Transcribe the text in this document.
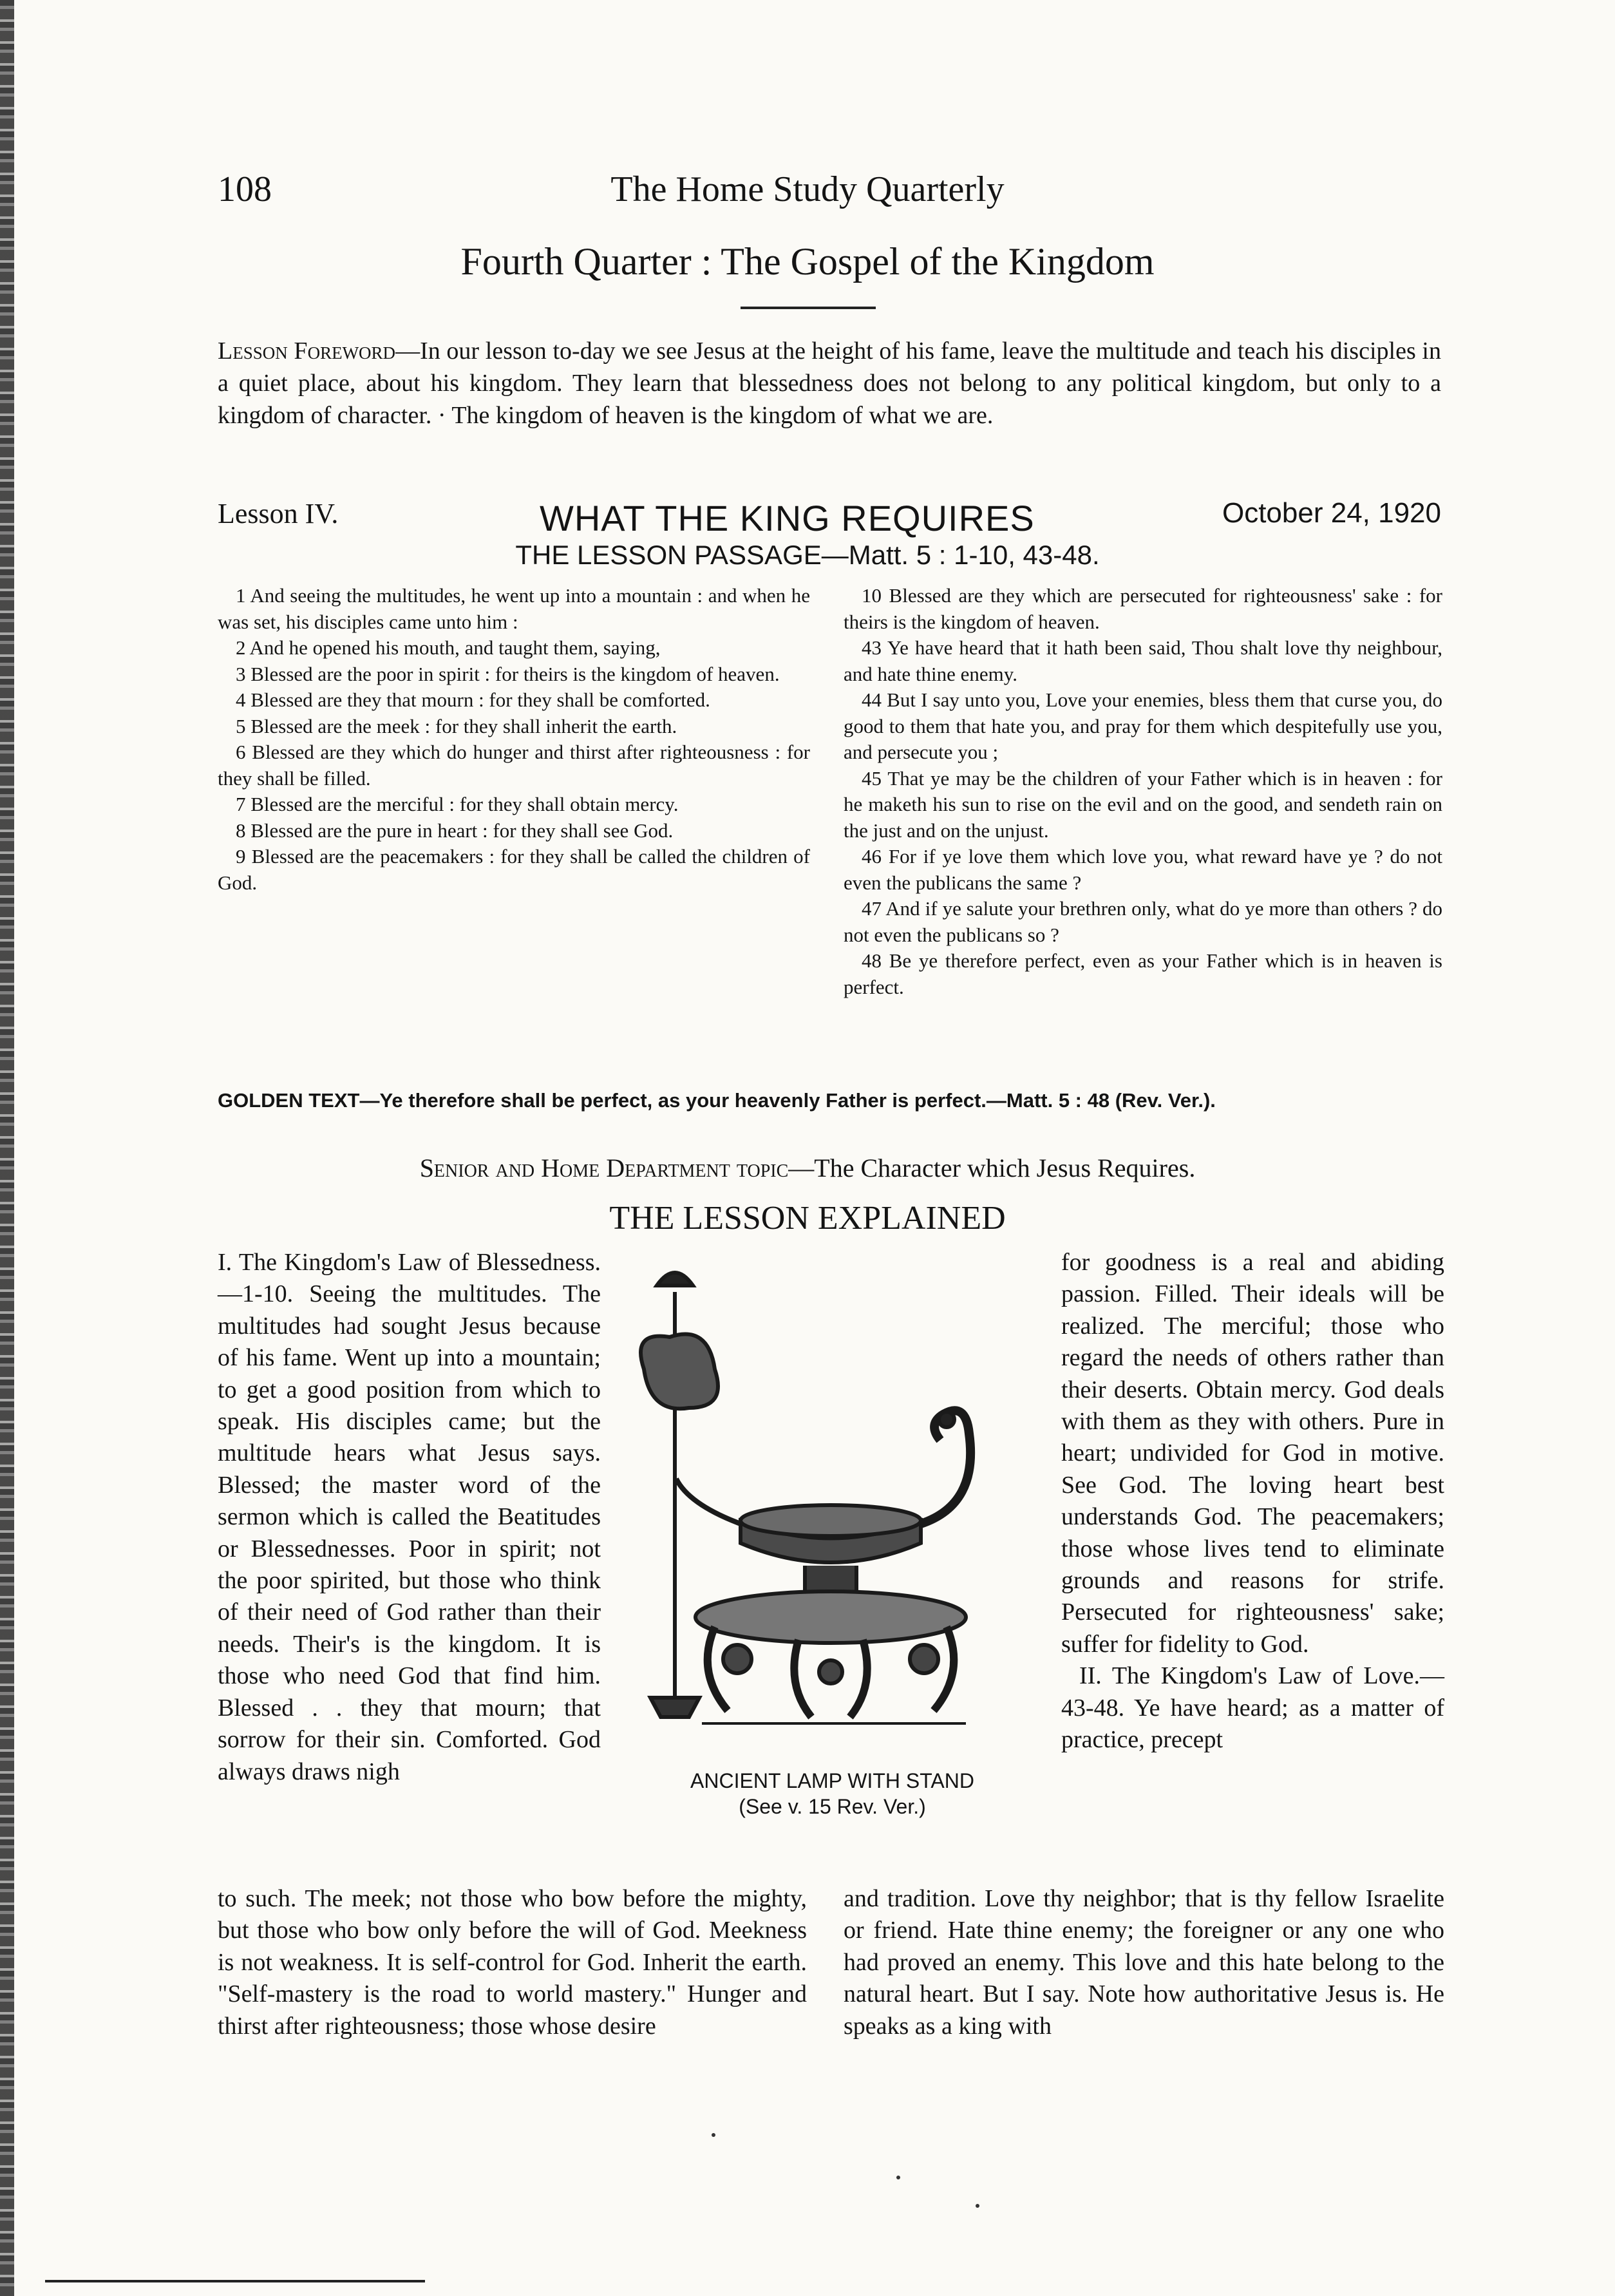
108	The Home Study Quarterly
Fourth Quarter : The Gospel of the Kingdom
Lesson Foreword—In our lesson to-day we see Jesus at the height of his fame, leave the multitude and teach his disciples in a quiet place, about his kingdom. They learn that blessedness does not belong to any political kingdom, but only to a kingdom of character. · The kingdom of heaven is the kingdom of what we are.
Lesson IV.	WHAT THE KING REQUIRES	October 24, 1920
THE LESSON PASSAGE—Matt. 5 : 1-10, 43-48.

1 And seeing the multitudes, he went up into a mountain : and when he was set, his disciples came unto him :

2 And he opened his mouth, and taught them, saying,

3 Blessed are the poor in spirit : for theirs is the kingdom of heaven.

4 Blessed are they that mourn : for they shall be comforted.

5 Blessed are the meek : for they shall inherit the earth.

6 Blessed are they which do hunger and thirst after righteousness : for they shall be filled.

7 Blessed are the merciful : for they shall obtain mercy.

8 Blessed are the pure in heart : for they shall see God.

9 Blessed are the peacemakers : for they shall be called the children of God.

10 Blessed are they which are persecuted for righteousness' sake : for theirs is the kingdom of heaven.

43 Ye have heard that it hath been said, Thou shalt love thy neighbour, and hate thine enemy.

44 But I say unto you, Love your enemies, bless them that curse you, do good to them that hate you, and pray for them which despitefully use you, and persecute you ;

45 That ye may be the children of your Father which is in heaven : for he maketh his sun to rise on the evil and on the good, and sendeth rain on the just and on the unjust.

46 For if ye love them which love you, what reward have ye ? do not even the publicans the same ?

47 And if ye salute your brethren only, what do ye more than others ? do not even the publicans so ?

48 Be ye therefore perfect, even as your Father which is in heaven is perfect.

GOLDEN TEXT—Ye therefore shall be perfect, as your heavenly Father is perfect.—Matt. 5 : 48 (Rev. Ver.).
Senior and Home Department topic—The Character which Jesus Requires.
THE LESSON EXPLAINED

I. The Kingdom's Law of Blessedness.—1-10. Seeing the multitudes. The multitudes had sought Jesus because of his fame. Went up into a mountain; to get a good position from which to speak. His disciples came; but the multitude hears what Jesus says. Blessed; the master word of the sermon which is called the Beatitudes or Blessednesses. Poor in spirit; not the poor spirited, but those who think of their need of God rather than their needs. Their's is the kingdom. It is those who need God that find him. Blessed . . they that mourn; that sorrow for their sin. Comforted. God always draws nigh	ANCIENT LAMP WITH STAND
(See v. 15 Rev. Ver.)

for goodness is a real and abiding passion. Filled. Their ideals will be realized. The merciful; those who regard the needs of others rather than their deserts. Obtain mercy. God deals with them as they with others. Pure in heart; undivided for God in motive. See God. The loving heart best understands God. The peacemakers; those whose lives tend to eliminate grounds and reasons for strife. Persecuted for righteousness' sake; suffer for fidelity to God.

II. The Kingdom's Law of Love.—43-48. Ye have heard; as a matter of practice, precept

to such. The meek; not those who bow before the mighty, but those who bow only before the will of God. Meekness is not weakness. It is self-control for God. Inherit the earth. "Self-mastery is the road to world mastery." Hunger and thirst after righteousness; those whose desire

and tradition. Love thy neighbor; that is thy fellow Israelite or friend. Hate thine enemy; the foreigner or any one who had proved an enemy. This love and this hate belong to the natural heart. But I say. Note how authoritative Jesus is. He speaks as a king with
